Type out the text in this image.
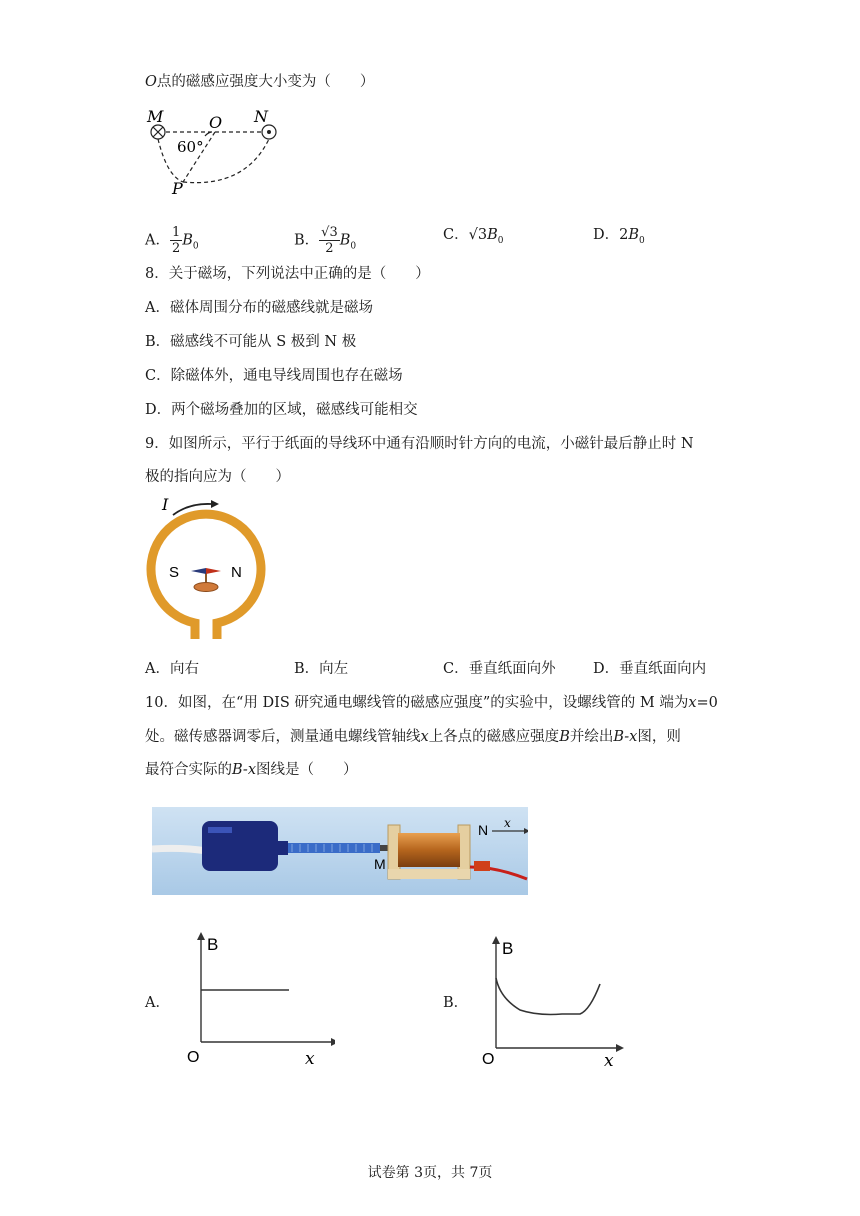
O点的磁感应强度大小变为（　　）
M	O N
P
60°
A． $\frac{1}{2} B_0$	B． $\frac{√3}{2} B_0$
C．$√3B_0$	D．$2B_0$
8．关于磁场，下列说法中正确的是（　　）
A．磁体周围分布的磁感线就是磁场
B．磁感线不可能从 S 极到 N 极
C．除磁体外，通电导线周围也存在磁场
D．两个磁场叠加的区域，磁感线可能相交
9．如图所示，平行于纸面的导线环中通有沿顺时针方向的电流，小磁针最后静止时 N
极的指向应为（　　）
I
S	N
A．向右	B．向左	C．垂直纸面向外	D．垂直纸面向内
10．如图，在“用 DIS 研究通电螺线管的磁感应强度”的实验中，设螺线管的 M 端为x=0
处。磁传感器调零后，测量通电螺线管轴线x上各点的磁感应强度B并绘出B-x图，则
最符合实际的B-x图线是（　　）
M
N x
A．
B
O	x
B．
B
O	x
试卷第 3页，共 7页
